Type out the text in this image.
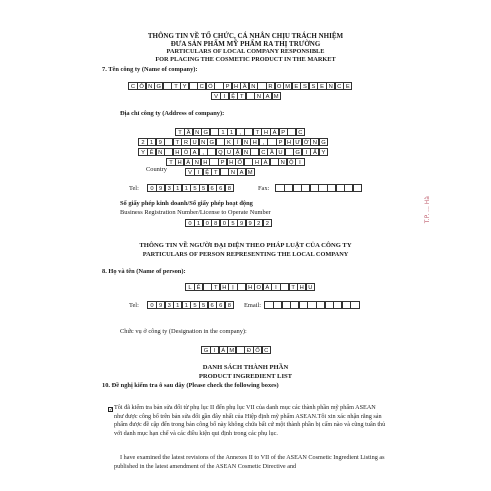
THÔNG TIN VỀ TỔ CHỨC, CÁ NHÂN CHỊU TRÁCH NHIỆM
ĐƯA SẢN PHẨM MỸ PHẨM RA THỊ TRƯỜNG
PARTICULARS OF LOCAL COMPANY RESPONSIBLE
FOR PLACING THE COSMETIC PRODUCT IN THE MARKET
7. Tên công ty (Name of company):
C Ô N G	T Y	C Ổ	P H Ầ N	R O M E S S E N C E
V	I	Ệ T	N A M
Địa chỉ công ty (Address of company):
T Ầ N G	1 1	,	T H Á P	C
2 1 9	T R U N G	K	Í N H ,	P H Ư Ờ N G
Y Ê N	H Ò A	,	Q U Ậ N	C Ầ U	G I	Ấ Y
T H À N H	P H Ố	H À	N Ộ I
Country	V	I	Ệ T	N A M
Tel:	0 9 3 1 1 5 5 6 6 8	Fax:
Số giấy phép kinh doanh/Số giấy phép hoạt động
Business Registration Number/License to Operate Number
0 1 0 8 0 5 9 9 2 2
THÔNG TIN VỀ NGƯỜI ĐẠI DIỆN THEO PHÁP LUẬT CỦA CÔNG TY
PARTICULARS OF PERSON REPRESENTING THE LOCAL COMPANY
8. Họ và tên (Name of person):
L Ê	T H Ị	H O À	I	T H U
Tel:	0 9 3 1 1 5 5 6 6 8	Email:
Chức vụ ở công ty (Designation in the company):
G I	Á M	Đ Ố C
DANH SÁCH THÀNH PHẦN
PRODUCT INGREDIENT LIST
10. Đề nghị kiểm tra ô sau đây (Please check the following boxes)
✓ Tôi đã kiểm tra bản sửa đổi từ phụ lục II đến phụ lục VII của danh mục các thành phần mỹ phẩm ASEAN như được công bố trên bản sửa đổi gần đây nhất của Hiệp định mỹ phẩm ASEAN.Tôi xin xác nhận rằng sản phẩm được đề cập đến trong bản công bố này không chứa bất cứ một thành phần bị cấm nào và cũng tuân thủ với danh mục hạn chế và các điều kiện qui định trong các phụ lục.
I have examined the latest revisions of the Annexes II to VII of the ASEAN Cosmetic Ingredient Listing as published in the latest amendment of the ASEAN Cosmetic Directive and
T.P. ... Hà
